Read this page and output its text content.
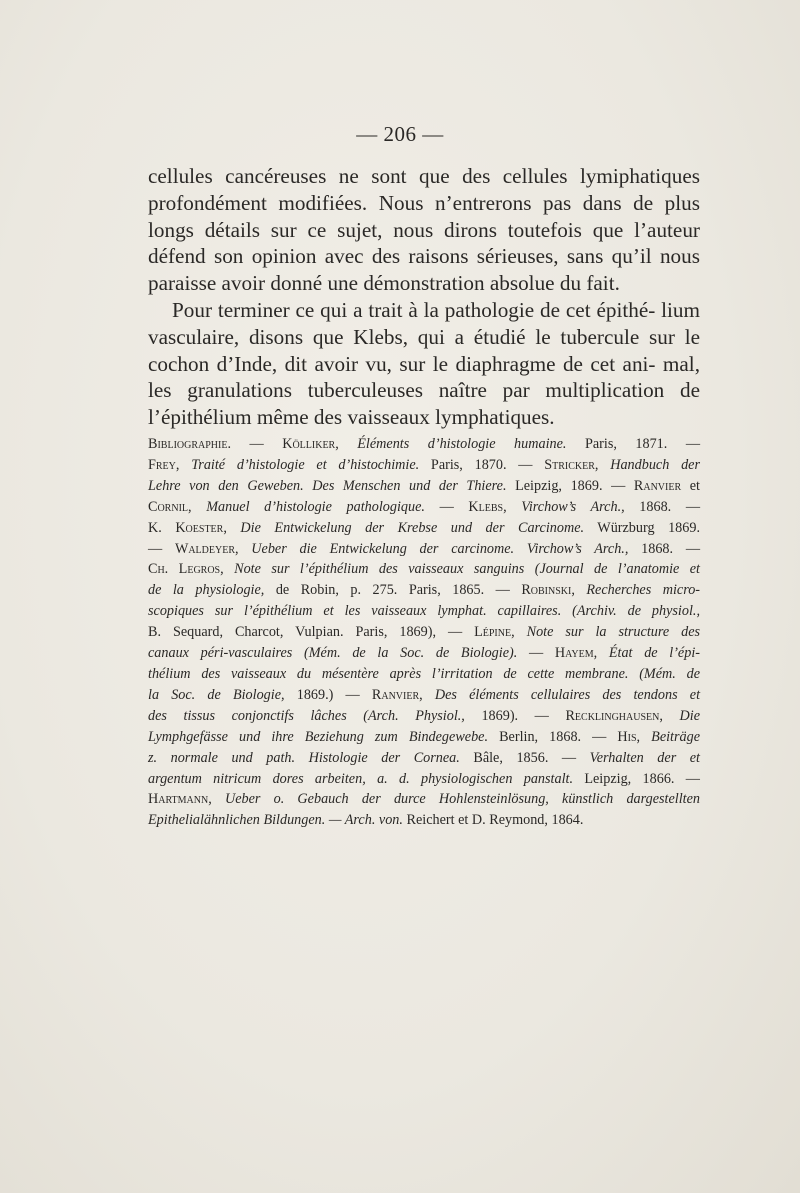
— 206 —

cellules cancéreuses ne sont que des cellules lymiphatiques profondément modifiées. Nous n’entrerons pas dans de plus longs détails sur ce sujet, nous dirons toutefois que l’auteur défend son opinion avec des raisons sérieuses, sans qu’il nous paraisse avoir donné une démonstration absolue du fait.

Pour terminer ce qui a trait à la pathologie de cet épithé- lium vasculaire, disons que Klebs, qui a étudié le tubercule sur le cochon d’Inde, dit avoir vu, sur le diaphragme de cet ani- mal, les granulations tuberculeuses naître par multiplication de l’épithélium même des vaisseaux lymphatiques.

Bibliographie. — Kölliker, Éléments d’histologie humaine. Paris, 1871. —
Frey, Traité d’histologie et d’histochimie. Paris, 1870. — Stricker, Handbuch der
Lehre von den Geweben. Des Menschen und der Thiere. Leipzig, 1869. — Ranvier et
Cornil, Manuel d’histologie pathologique. — Klebs, Virchow’s Arch., 1868. —
K. Koester, Die Entwickelung der Krebse und der Carcinome. Würzburg 1869.
— Waldeyer, Ueber die Entwickelung der carcinome. Virchow’s Arch., 1868. —
Ch. Legros, Note sur l’épithélium des vaisseaux sanguins (Journal de l’anatomie et
de la physiologie, de Robin, p. 275. Paris, 1865. — Robinski, Recherches micro-
scopiques sur l’épithélium et les vaisseaux lymphat. capillaires. (Archiv. de physiol.,
B. Sequard, Charcot, Vulpian. Paris, 1869), — Lépine, Note sur la structure des
canaux péri-vasculaires (Mém. de la Soc. de Biologie). — Hayem, État de l’épi-
thélium des vaisseaux du mésentère après l’irritation de cette membrane. (Mém. de
la Soc. de Biologie, 1869.) — Ranvier, Des éléments cellulaires des tendons et
des tissus conjonctifs lâches (Arch. Physiol., 1869). — Recklinghausen, Die
Lymphgefässe und ihre Beziehung zum Bindegewebe. Berlin, 1868. — His, Beiträge
z. normale und path. Histologie der Cornea. Bâle, 1856. — Verhalten der et
argentum nitricum dores arbeiten, a. d. physiologischen panstalt. Leipzig, 1866. —
Hartmann, Ueber o. Gebauch der durce Hohlensteinlösung, künstlich dargestellten
Epithelialähnlichen Bildungen. — Arch. von. Reichert et D. Reymond, 1864.
